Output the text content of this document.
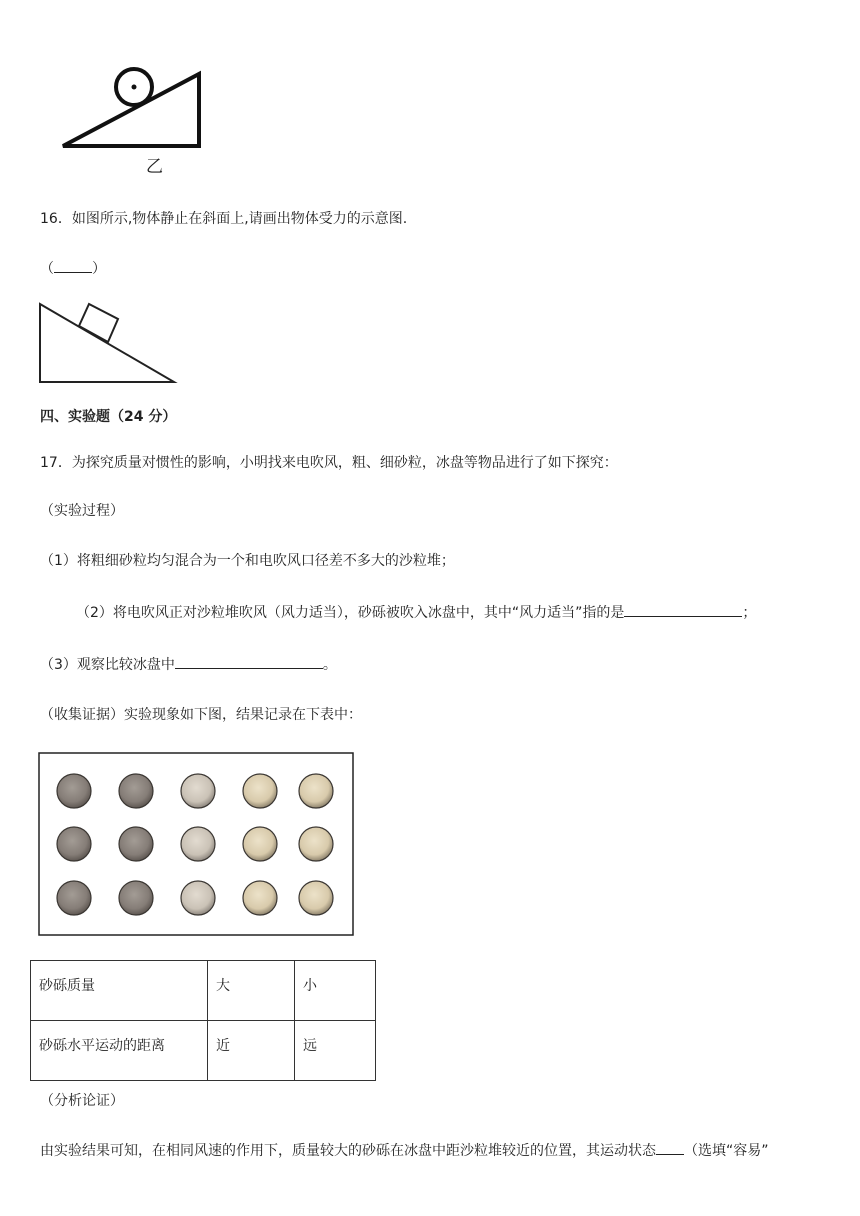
乙
16．如图所示,物体静止在斜面上,请画出物体受力的示意图.
（	）
四、实验题（24 分）
17．为探究质量对惯性的影响，小明找来电吹风，粗、细砂粒，冰盘等物品进行了如下探究：
（实验过程）
（1）将粗细砂粒均匀混合为一个和电吹风口径差不多大的沙粒堆；
（2）将电吹风正对沙粒堆吹风（风力适当），砂砾被吹入冰盘中，其中“风力适当”指的是	；
（3）观察比较冰盘中	。
（收集证据）实验现象如下图，结果记录在下表中：
砂砾质量	大	小
砂砾水平运动的距离	近	远
（分析论证）
由实验结果可知，在相同风速的作用下，质量较大的砂砾在冰盘中距沙粒堆较近的位置，其运动状态 （选填“容易”
